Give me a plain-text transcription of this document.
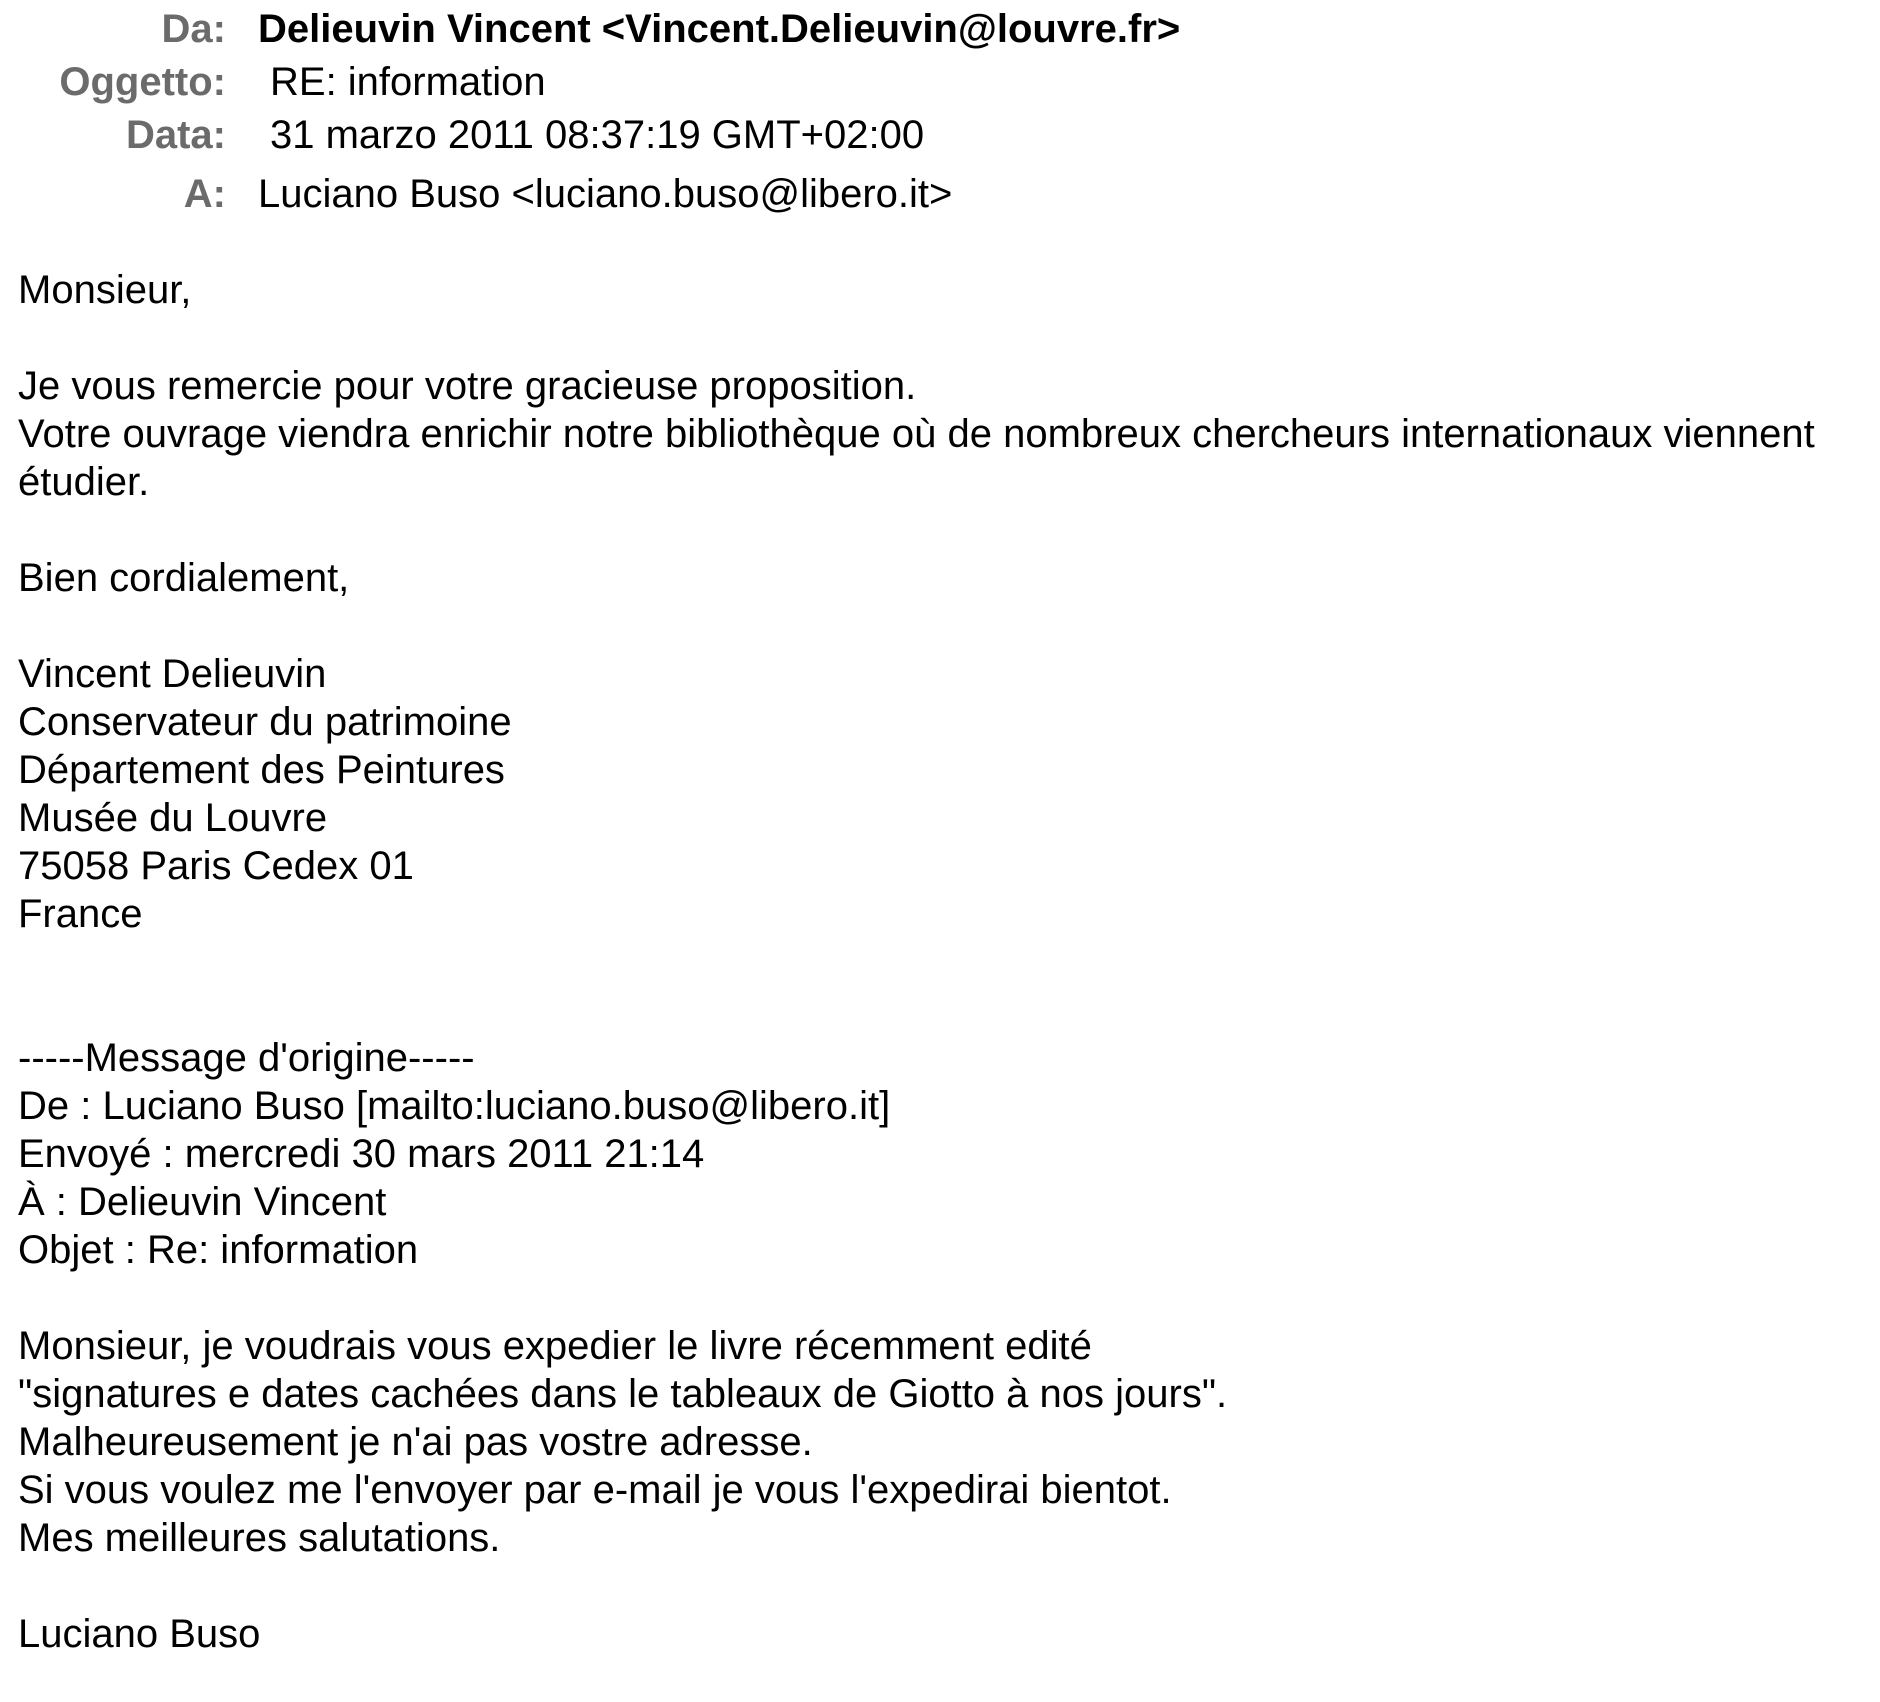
Da: Delieuvin Vincent <Vincent.Delieuvin@louvre.fr>
Oggetto: RE: information
Data: 31 marzo 2011 08:37:19 GMT+02:00
A: Luciano Buso <luciano.buso@libero.it>
Monsieur,
Je vous remercie pour votre gracieuse proposition.
Votre ouvrage viendra enrichir notre bibliothèque où de nombreux chercheurs internationaux viennent
étudier.
Bien cordialement,
Vincent Delieuvin
Conservateur du patrimoine
Département des Peintures
Musée du Louvre
75058 Paris Cedex 01
France
-----Message d'origine-----
De : Luciano Buso [mailto:luciano.buso@libero.it]
Envoyé : mercredi 30 mars 2011 21:14
À : Delieuvin Vincent
Objet : Re: information
Monsieur, je voudrais vous expedier le livre récemment edité
"signatures e dates cachées dans le tableaux de Giotto à nos jours".
Malheureusement je n'ai pas vostre adresse.
Si vous voulez me l'envoyer par e-mail je vous l'expedirai bientot.
Mes meilleures salutations.
Luciano Buso
